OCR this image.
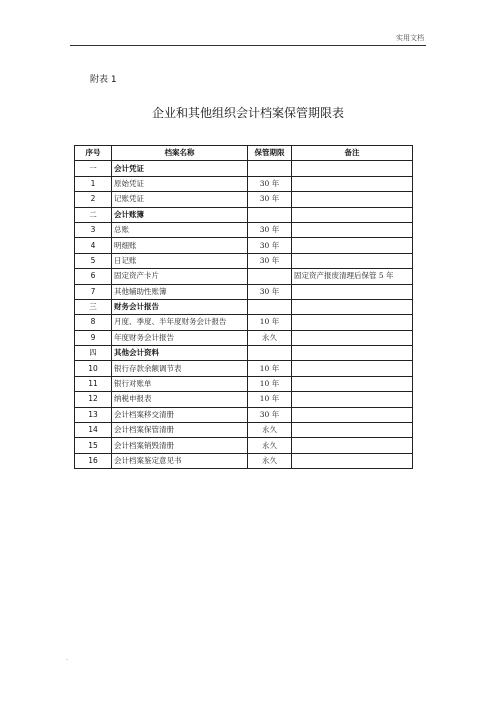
实用文档
附表 1
企业和其他组织会计档案保管期限表
序号	档案名称	保管期限	备注
一	会计凭证		
1	原始凭证	30 年	
2	记账凭证	30 年	
二	会计账簿		
3	总账	30 年	
4	明细账	30 年	
5	日记账	30 年	
6	固定资产卡片		固定资产报废清理后保管 5 年
7	其他辅助性账簿	30 年	
三	财务会计报告		
8	月度、季度、半年度财务会计报告	10 年	
9	年度财务会计报告	永久	
四	其他会计资料		
10	银行存款余额调节表	10 年	
11	银行对账单	10 年	
12	纳税申报表	10 年	
13	会计档案移交清册	30 年	
14	会计档案保管清册	永久	
15	会计档案销毁清册	永久	
16	会计档案鉴定意见书	永久	
.
